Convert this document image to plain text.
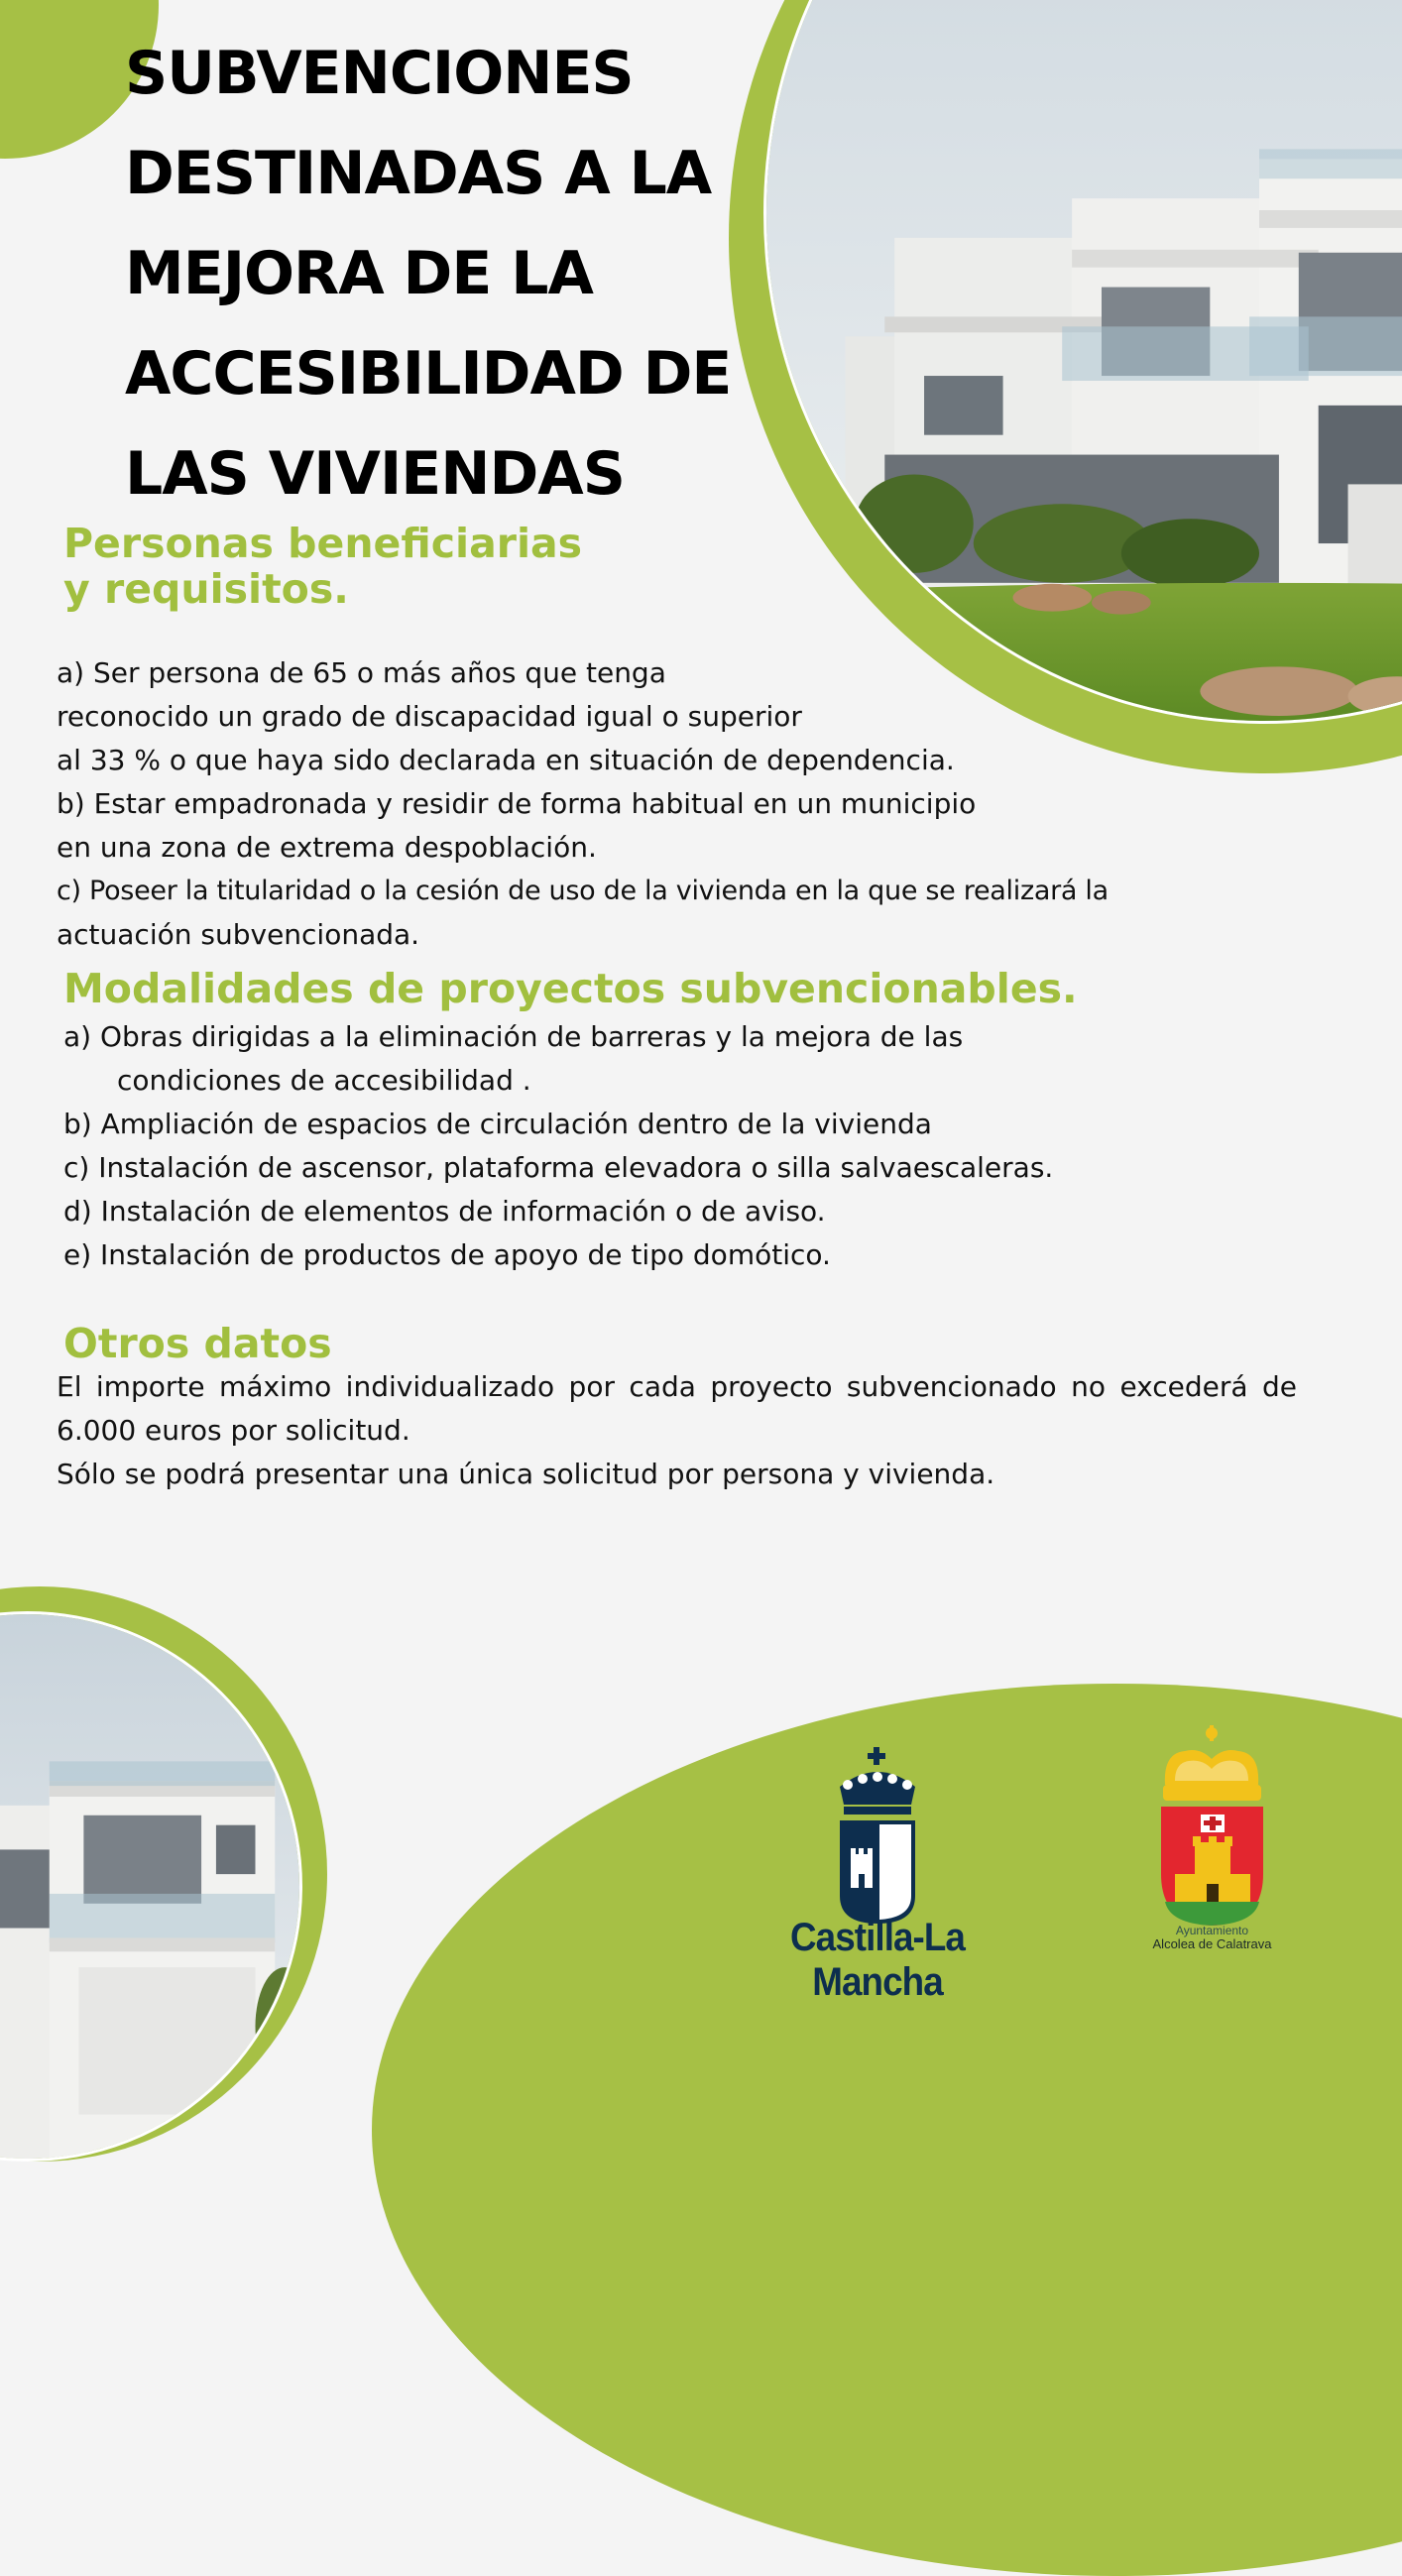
SUBVENCIONES
DESTINADAS A LA
MEJORA DE LA
ACCESIBILIDAD DE
LAS VIVIENDAS
Personas beneficiarias
y requisitos.
a) Ser persona de 65 o más años que tenga
reconocido un grado de discapacidad igual o superior
al 33 % o que haya sido declarada en situación de dependencia.
b) Estar empadronada y residir de forma habitual en un municipio
en una zona de extrema despoblación.
c) Poseer la titularidad o la cesión de uso de la vivienda en la que se realizará la
actuación subvencionada.
Modalidades de proyectos subvencionables.
a) Obras dirigidas a la eliminación de barreras y la mejora de las
condiciones de accesibilidad .
b) Ampliación de espacios de circulación dentro de la vivienda
c) Instalación de ascensor, plataforma elevadora o silla salvaescaleras.
d) Instalación de elementos de información o de aviso.
e) Instalación de productos de apoyo de tipo domótico.
Otros datos

El importe máximo individualizado por cada proyecto subvencionado no excederá de 6.000 euros por solicitud.

Sólo se podrá presentar una única solicitud por persona y vivienda.

Castilla-La Mancha
Ayuntamiento
Alcolea de Calatrava
